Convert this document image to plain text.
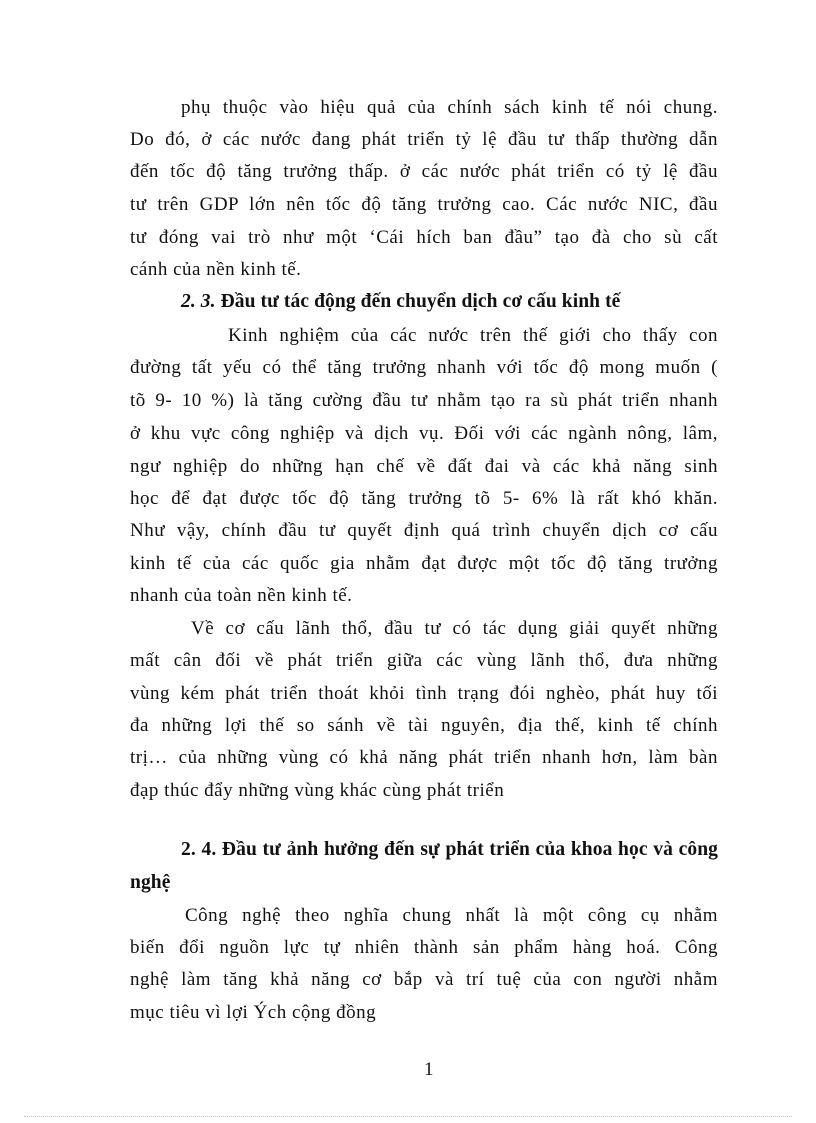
phụ thuộc vào hiệu quả của chính sách kinh tế nói chung.
Do đó, ở các nước đang phát triển tỷ lệ đầu tư thấp thường dẫn
đến tốc độ tăng trưởng thấp. ở các nước phát triển có tỷ lệ đầu
tư trên GDP lớn nên tốc độ tăng trưởng cao. Các nước NIC, đầu
tư đóng vai trò như một ‘Cái hích ban đầu” tạo đà cho sù cất
cánh của nền kinh tế.
2. 3. Đầu tư tác động đến chuyển dịch cơ cấu kinh tế
Kinh nghiệm của các nước trên thế giới cho thấy con
đường tất yếu có thể tăng trưởng nhanh với tốc độ mong muốn (
tõ 9- 10 %) là tăng cường đầu tư nhằm tạo ra sù phát triển nhanh
ở khu vực công nghiệp và dịch vụ. Đối với các ngành nông, lâm,
ngư nghiệp do những hạn chế về đất đai và các khả năng sinh
học để đạt được tốc độ tăng trưởng tõ 5- 6% là rất khó khăn.
Như vậy, chính đầu tư quyết định quá trình chuyển dịch cơ cấu
kinh tế của các quốc gia nhằm đạt được một tốc độ tăng trưởng
nhanh của toàn nền kinh tế.
Về cơ cấu lãnh thổ, đầu tư có tác dụng giải quyết những
mất cân đối về phát triển giữa các vùng lãnh thổ, đưa những
vùng kém phát triển thoát khỏi tình trạng đói nghèo, phát huy tối
đa những lợi thế so sánh về tài nguyên, địa thế, kinh tế chính
trị… của những vùng có khả năng phát triển nhanh hơn, làm bàn
đạp thúc đẩy những vùng khác cùng phát triển
2. 4. Đầu tư ảnh hưởng đến sự phát triển của khoa học và công
nghệ
Công nghệ theo nghĩa chung nhất là một công cụ nhằm
biến đổi nguồn lực tự nhiên thành sản phẩm hàng hoá. Công
nghệ làm tăng khả năng cơ bắp và trí tuệ của con người nhằm
mục tiêu vì lợi Ých cộng đồng
1
